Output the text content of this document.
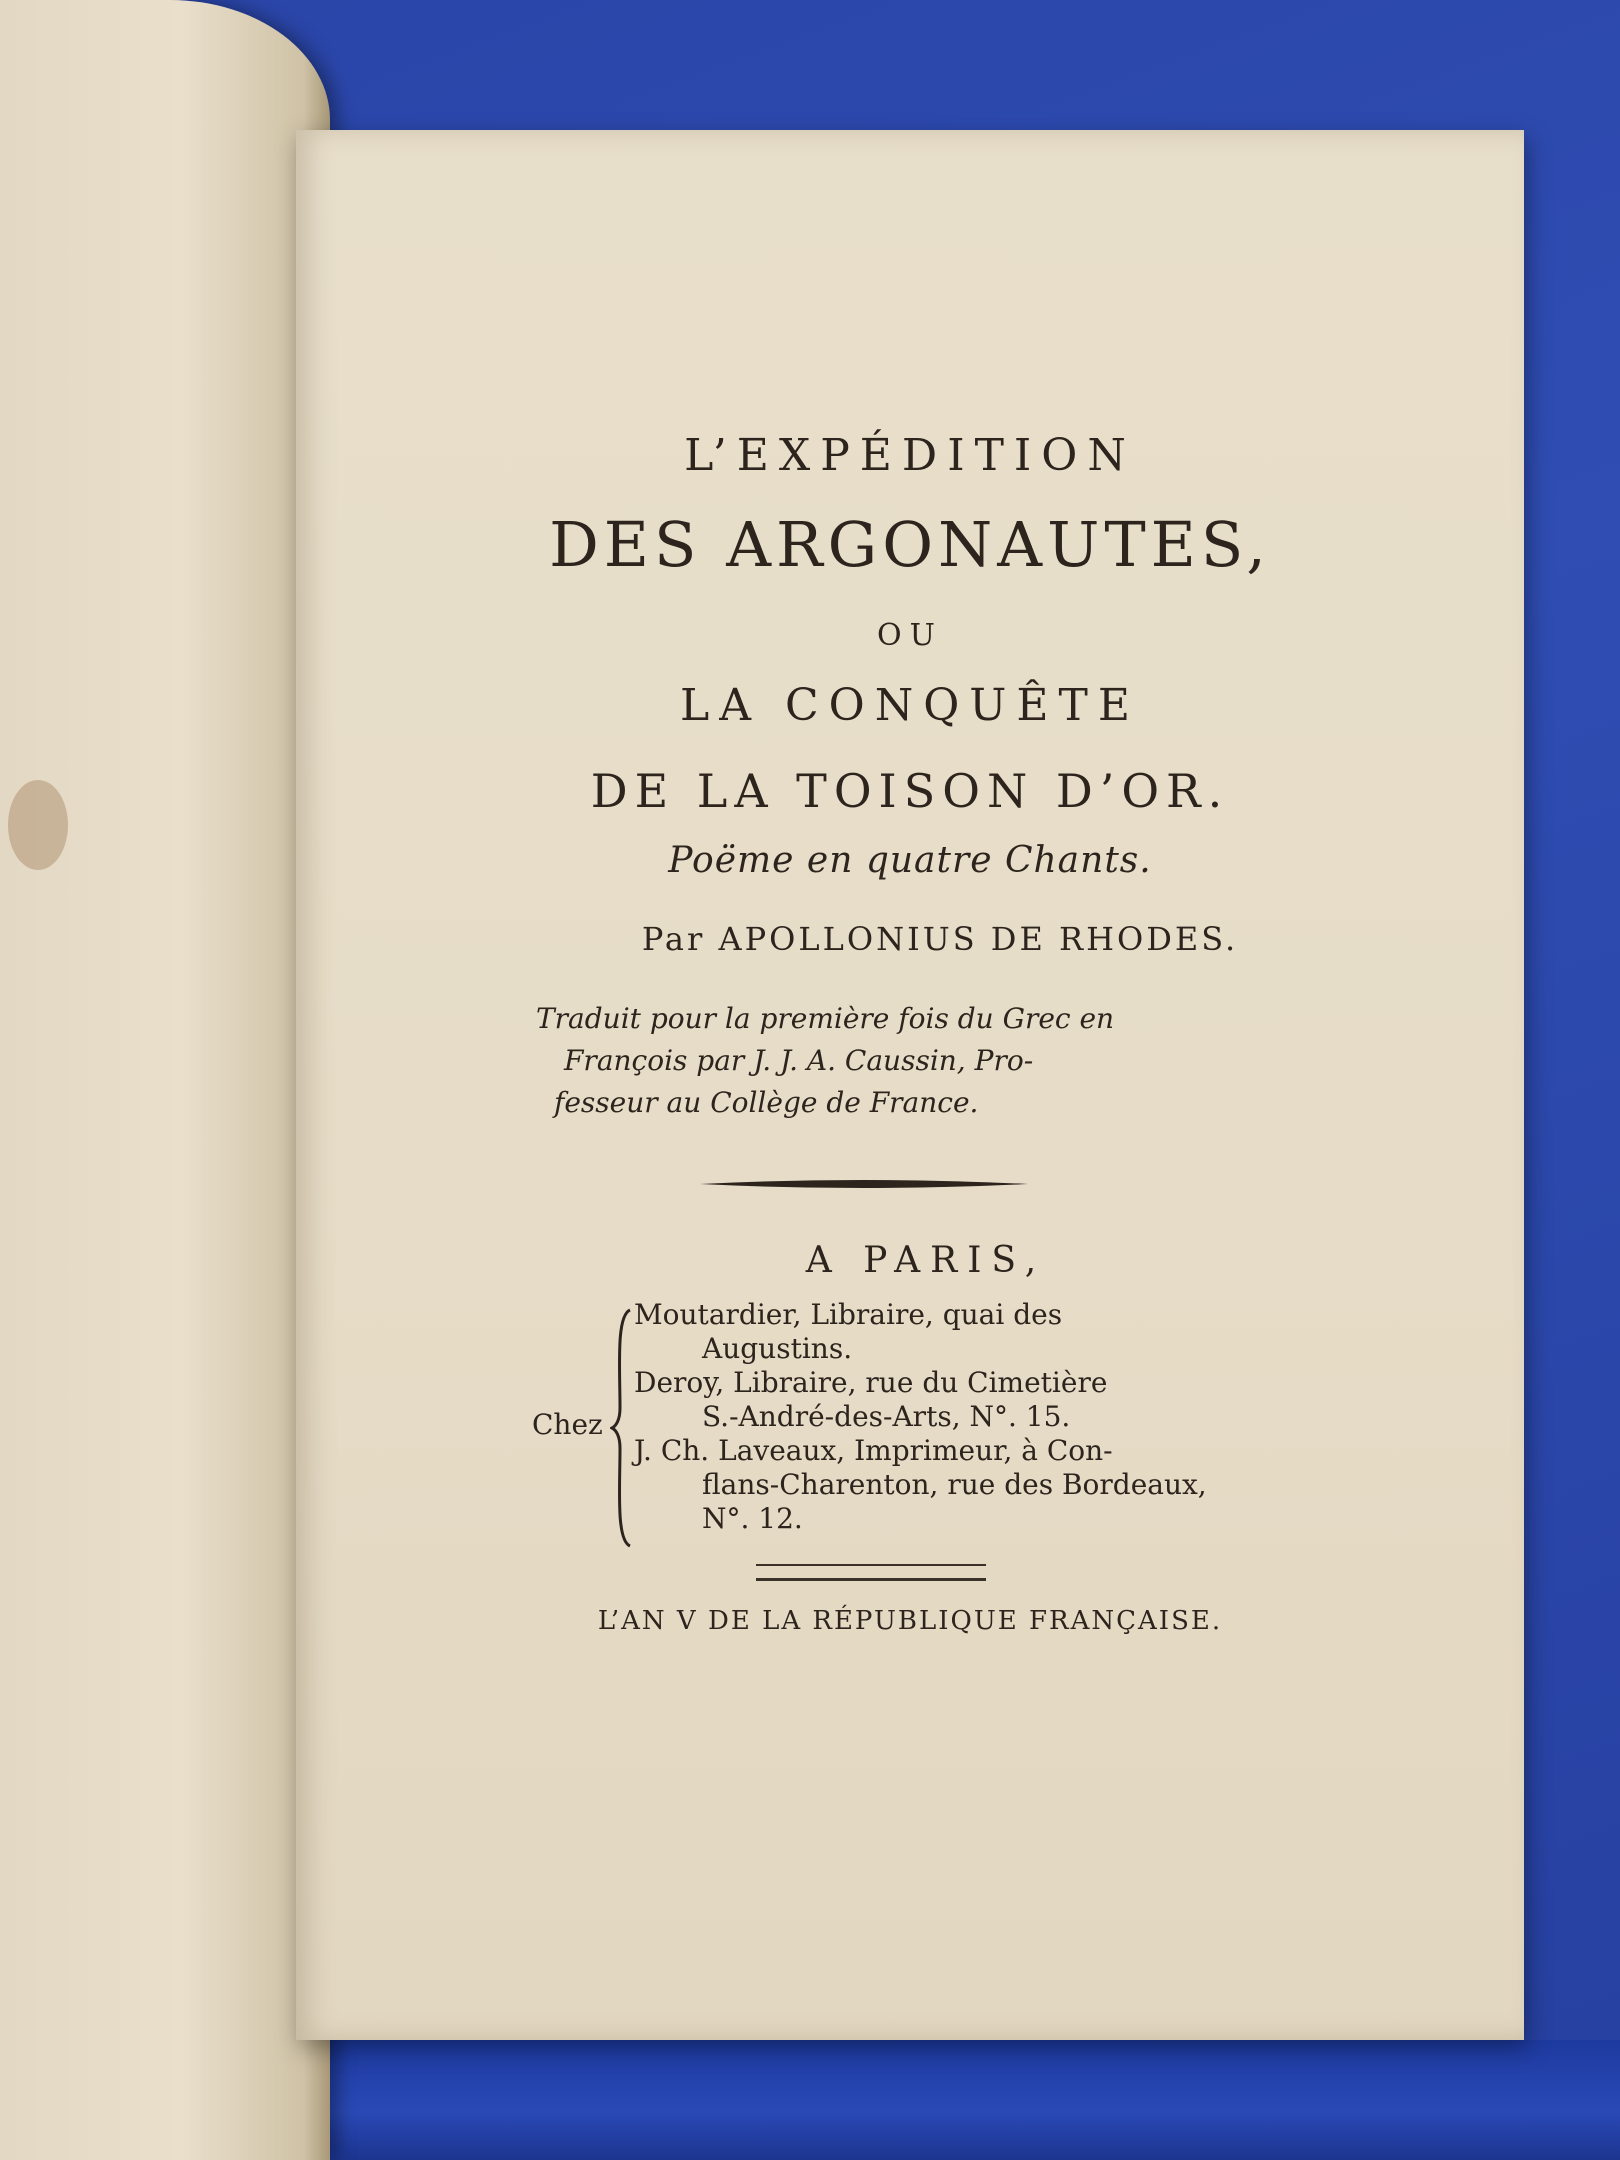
L’EXPÉDITION
DES ARGONAUTES,
OU
LA CONQUÊTE
DE LA TOISON D’OR.
Poëme en quatre Chants.
Par APOLLONIUS DE RHODES.
Traduit pour la première fois du Grec en
François par J. J. A. Caussin, Pro-
fesseur au Collège de France.
A PARIS,
Chez
Moutardier, Libraire, quai des
Augustins.
Deroy, Libraire, rue du Cimetière
S.-André-des-Arts, N°. 15.
J. Ch. Laveaux, Imprimeur, à Con-
flans-Charenton, rue des Bordeaux,
N°. 12.
L’AN V DE LA RÉPUBLIQUE FRANÇAISE.
